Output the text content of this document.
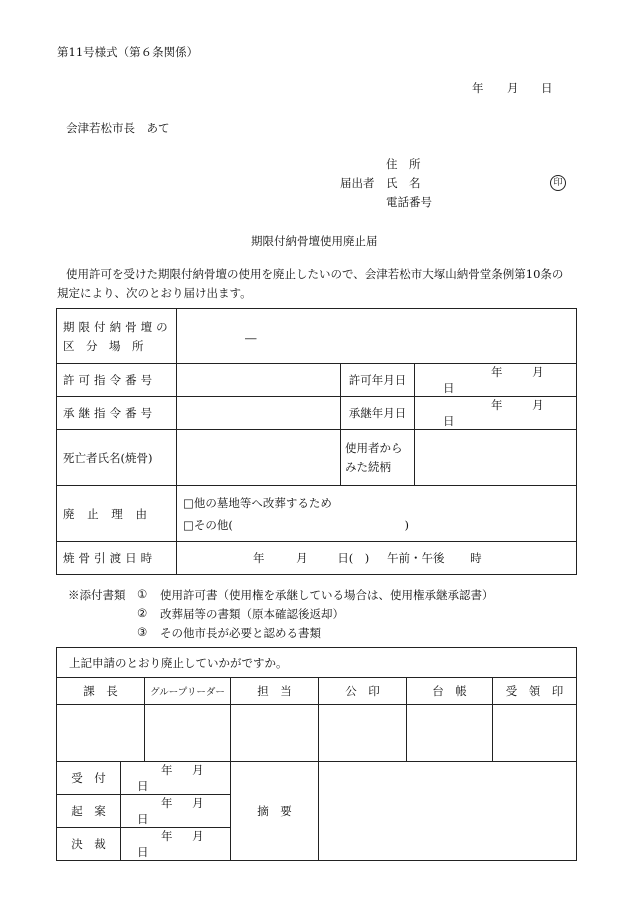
第11号様式（第６条関係）
年 月 日
会津若松市長　あて
住　所
届出者 氏　名	印
電話番号
期限付納骨壇使用廃止届
使用許可を受けた期限付納骨壇の使用を廃止したいので、会津若松市大塚山納骨堂条例第10条の
規定により、次のとおり届け出ます。
期限付納骨壇の
区　分　場　所	―		
許可指令番号		許可年月日	年 月 日
承継指令番号		承継年月日	年 月 日
死亡者氏名(焼骨)		使用者から
みた続柄	

廃止理由	□他の墓地等へ改葬するため
□その他( )		

焼骨引渡日時	年 月 日(　) 午前・午後 時		
※添付書類 ① 使用許可書（使用権を承継している場合は、使用権承継承認書）
② 改葬届等の書類（原本確認後返却）
③ その他市長が必要と認める書類
上記申請のとおり廃止していかがですか。						
課　長		グループリーダー	担　当	公　印	台　帳	受　領　印

受　付	年 月 日		摘　要			
起　案	年 月 日					
決　裁	年 月 日					
